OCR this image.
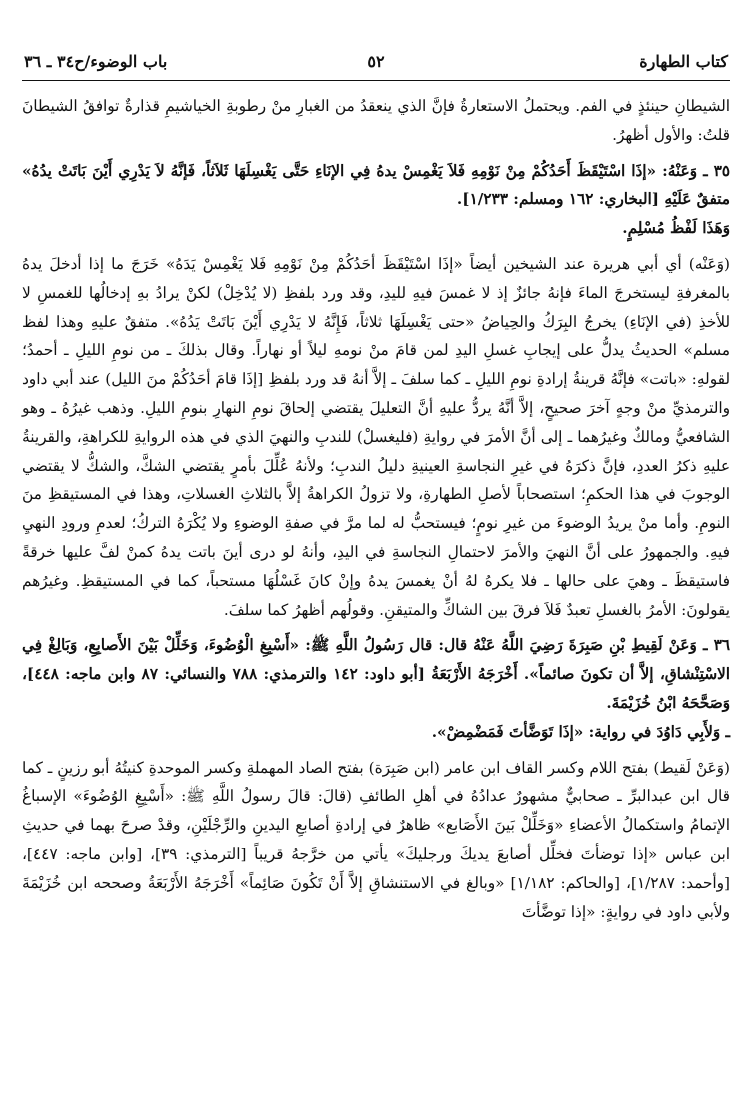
كتاب الطهارة
٥٢
باب الوضوء/ح٣٤ ـ ٣٦

الشيطانِ حينئذٍ في الفم. ويحتملُ الاستعارةُ فإنَّ الذي ينعقدُ من الغبارِ منْ رطوبةِ الخياشيمِ قذارةٌ توافقُ الشيطانَ قلتُ: والأول أظهرُ.

٣٥ ـ وَعَنْهُ: «إذَا اسْتَيْقَظَ أَحَدُكُمْ مِنْ نَوْمِهِ فَلاَ يَغْمِسْ يدهُ فِي الإنَاءِ حَتَّى يَغْسِلَهَا ثَلاَثاً، فَإنَّهُ لاَ يَدْرِي أَيْنَ بَاتَتْ يدُهُ» متفقٌ عَلَيْهِ [البخاري: ١٦٢ ومسلم: ١/٢٣٣].

وَهَذَا لَفْظُ مُسْلِمٍ.

(وَعَنْه) أي أبي هريرة عند الشيخين أيضاً «إذَا اسْتَيْقَظَ أحَدُكُمْ مِنْ نَوْمِهِ فَلا يَغْمِسْ يَدَهُ» خَرَجَ ما إذا أدخلَ يدهُ بالمغرفةِ ليستخرجَ الماءَ فإنهُ جائزٌ إذ لا غمسَ فيهِ لليدِ، وقد ورد بلفظِ (لا يُدْخِلْ) لكنْ يرادُ بهِ إدخالُها للغمسِ لا للأخذِ (في الإنَاءِ) يخرجُ البِرَكُ والحِياضُ «حتى يَغْسِلَهَا ثلاثاً، فَإِنَّهُ لا يَدْرِي أَيْنَ بَاتَتْ يَدُهُ». متفقٌ عليهِ وهذا لفظ مسلم» الحديثُ يدلُّ على إيجابِ غسلِ اليدِ لمن قامَ منْ نومهِ ليلاً أو نهاراً. وقال بذلكَ ـ من نومِ الليلِ ـ أحمدُ؛ لقولهِ: «باتت» فإنَّهُ قرينةُ إرادةِ نومِ الليلِ ـ كما سلفَ ـ إلاَّ أنهُ قد ورد بلفظِ [إذَا قامَ أحَدُكُمْ منَ الليل) عند أبي داود والترمذيِّ منْ وجهٍ آخرَ صحيحٍ، إلاَّ أنَّهُ يردُّ عليهِ أنَّ التعليلَ يقتضي إلحاقَ نومِ النهارِ بنومِ الليلِ. وذهب غيرُهُ ـ وهو الشافعيُّ ومالكٌ وغيرُهما ـ إلى أنَّ الأمرَ في روايةِ (فليغسلْ) للندبِ والنهيَ الذي في هذه الروايةِ للكراهةِ، والقرينةُ عليهِ ذكرُ العددِ، فإنَّ ذكرَهُ في غيرِ النجاسةِ العينيةِ دليلُ الندبِ؛ ولأنهُ عُلِّلَ بأمرٍ يقتضي الشكَّ، والشكُّ لا يقتضي الوجوبَ في هذا الحكمِ؛ استصحاباً لأصلِ الطهارةِ، ولا تزولُ الكراهةُ إلاَّ بالثلاثِ الغسلاتِ، وهذا في المستيقظِ منَ النومِ. وأما منْ يريدُ الوضوءَ من غيرِ نومٍ؛ فيستحبُّ له لما مرَّ في صفةِ الوضوءِ ولا يُكْرَهُ التركُ؛ لعدمِ ورودِ النهيِ فيهِ. والجمهورُ على أنَّ النهيَ والأمرَ لاحتمالِ النجاسةِ في اليدِ، وأنهُ لو درى أينَ باتت يدهُ كمنْ لفَّ عليها خرقةً فاستيقظَ ـ وهيَ على حالها ـ فلا يكرهُ لهُ أنْ يغمسَ يدهُ وإنْ كانَ غَسْلُهَا مستحباً، كما في المستيقظِ. وغيرُهم يقولونَ: الأمرُ بالغسلِ تعبدٌ فَلاَ فرقَ بين الشاكِّ والمتيقنِ. وقولُهم أظهرُ كما سلفَ.

٣٦ ـ وَعَنْ لَقِيطِ بْنِ صَبِرَةَ رَضِيَ اللَّهُ عَنْهُ قال: قال رَسُولُ اللَّهِ ﷺ: «أَسْبِغِ الْوُضُوءَ، وَخَلِّلْ بَيْنَ الأَصابِعِ، وَبَالِغْ فِي الاسْتِنْشاقِ، إلاَّ أن تكونَ صائماً». أَخْرَجَهُ الأَرْبَعَةُ [أبو داود: ١٤٢ والترمذي: ٧٨٨ والنسائي: ٨٧ وابن ماجه: ٤٤٨]، وَصَحَّحَهُ ابْنُ خُزَيْمَةَ.

ـ وَلأَبِي دَاوُدَ في رواية: «إذَا تَوَضَّأتَ فَمَضْمِضْ».

(وَعَنْ لَقيط) بفتح اللام وكسر القاف ابن عامر (ابن صَبِرَة) بفتح الصاد المهملةِ وكسر الموحدةِ كنيتُهُ أبو رزينٍ ـ كما قال ابن عبدالبرِّ ـ صحابيٌّ مشهورٌ عدادُهُ في أهلِ الطائفِ (قالَ: قالَ رسولُ اللَّهِ ﷺ: «أَسْبِغِ الوُضُوءَ» الإسباغُ الإتمامُ واستكمالُ الأعضاءِ «وَخَلِّلْ بَينَ الأَصَابع» ظاهرٌ في إرادةِ أصابعِ اليدينِ والرِّجْلَيْنِ، وقدْ صرحَ بهما في حديثِ ابن عباس «إذا توضأتَ فخلِّل أصابعَ يديكَ ورجليكَ» يأتي من خرَّجهُ قريباً [الترمذي: ٣٩]، [وابن ماجه: ٤٤٧]، [وأحمد: ١/٢٨٧]، [والحاكم: ١/١٨٢] «وبالغ في الاستنشاقِ إلاَّ أَنْ تَكُونَ صَائِماً» أَخْرَجَهُ الأَرْبَعَةُ وصححه ابن خُزَيْمَةَ ولأبي داود في روايةٍ: «إذا توضَّأتَ
